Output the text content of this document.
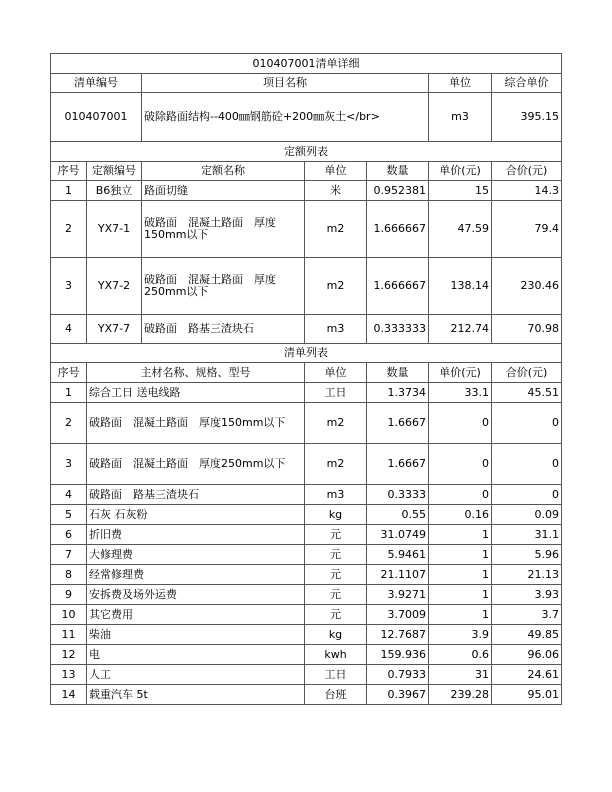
010407001清单详细						
清单编号		项目名称			单位	综合单价
010407001		破除路面结构--400㎜钢筋砼+200㎜灰土</br>			m3	395.15
定额列表						
序号	定额编号	定额名称	单位	数量	单价(元)	合价(元)
1	B6独立	路面切缝	米	0.952381	15	14.3
2	YX7-1	破路面　混凝土路面　厚度150mm以下	m2	1.666667	47.59	79.4
3	YX7-2	破路面　混凝土路面　厚度250mm以下	m2	1.666667	138.14	230.46
4	YX7-7	破路面　路基三渣块石	m3	0.333333	212.74	70.98
清单列表						
序号	主材名称、规格、型号		单位	数量	单价(元)	合价(元)
1	综合工日 送电线路		工日	1.3734	33.1	45.51
2	破路面　混凝土路面　厚度150mm以下		m2	1.6667	0	0
3	破路面　混凝土路面　厚度250mm以下		m2	1.6667	0	0
4	破路面　路基三渣块石		m3	0.3333	0	0
5	石灰 石灰粉		kg	0.55	0.16	0.09
6	折旧费		元	31.0749	1	31.1
7	大修理费		元	5.9461	1	5.96
8	经常修理费		元	21.1107	1	21.13
9	安拆费及场外运费		元	3.9271	1	3.93
10	其它费用		元	3.7009	1	3.7
11	柴油		kg	12.7687	3.9	49.85
12	电		kwh	159.936	0.6	96.06
13	人工		工日	0.7933	31	24.61
14	载重汽车 5t		台班	0.3967	239.28	95.01
